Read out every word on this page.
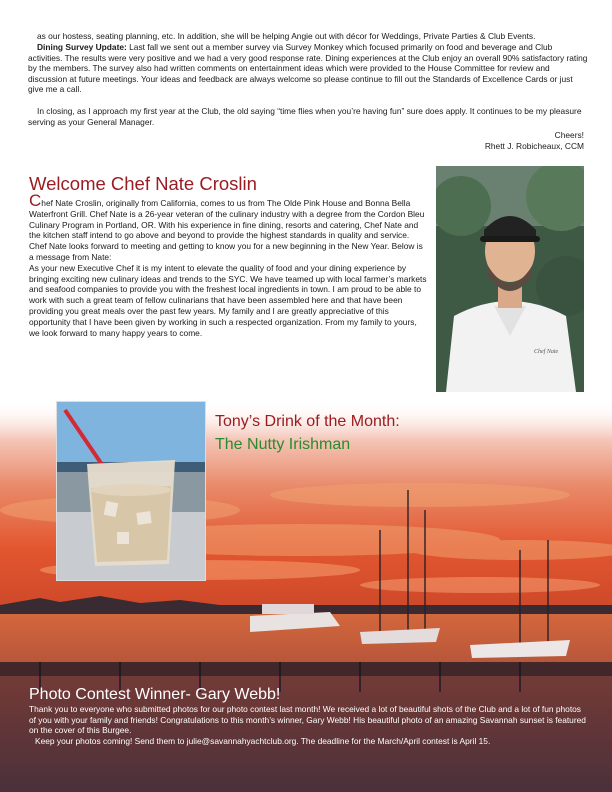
as our hostess, seating planning, etc. In addition, she will be helping Angie out with décor for Weddings, Private Parties & Club Events.

Dining Survey Update: Last fall we sent out a member survey via Survey Monkey which focused primarily on food and beverage and Club activities. The results were very positive and we had a very good response rate. Dining experiences at the Club enjoy an overall 90% satisfactory rating by the members. The survey also had written comments on entertainment ideas which were provided to the House Committee for review and discussion at future meetings. Your ideas and feedback are always welcome so please continue to fill out the Standards of Excellence Cards or just give me a call.

In closing, as I approach my first year at the Club, the old saying “time flies when you’re having fun” sure does apply. It continues to be my pleasure serving as your General Manager.

Cheers!
Rhett J. Robicheaux, CCM
Welcome Chef Nate Croslin
Chef Nate Croslin, originally from California, comes to us from The Olde Pink House and Bonna Bella Waterfront Grill. Chef Nate is a 26-year veteran of the culinary industry with a degree from the Cordon Bleu Culinary Program in Portland, OR. With his experience in fine dining, resorts and catering, Chef Nate and the kitchen staff intend to go above and beyond to provide the highest standards in quality and service. Chef Nate looks forward to meeting and getting to know you for a new beginning in the New Year. Below is a message from Nate:
As your new Executive Chef it is my intent to elevate the quality of food and your dining experience by bringing exciting new culinary ideas and trends to the SYC. We have teamed up with local farmer’s markets and seafood companies to provide you with the freshest local ingredients in town. I am proud to be able to work with such a great team of fellow culinarians that have been assembled here and that have been providing you great meals over the past few years. My family and I are greatly appreciative of this opportunity that I have been given by working in such a respected organization. From my family to yours, we look forward to many happy years to come.
Chef Nate
Tony’s Drink of the Month:
The Nutty Irishman
Photo Contest Winner- Gary Webb!

Thank you to everyone who submitted photos for our photo contest last month! We received a lot of beautiful shots of the Club and a lot of fun photos of you with your family and friends! Congratulations to this month’s winner, Gary Webb! His beautiful photo of an amazing Savannah sunset is featured on the cover of this Burgee.
Keep your photos coming! Send them to julie@savannahyachtclub.org. The deadline for the March/April contest is April 15.
